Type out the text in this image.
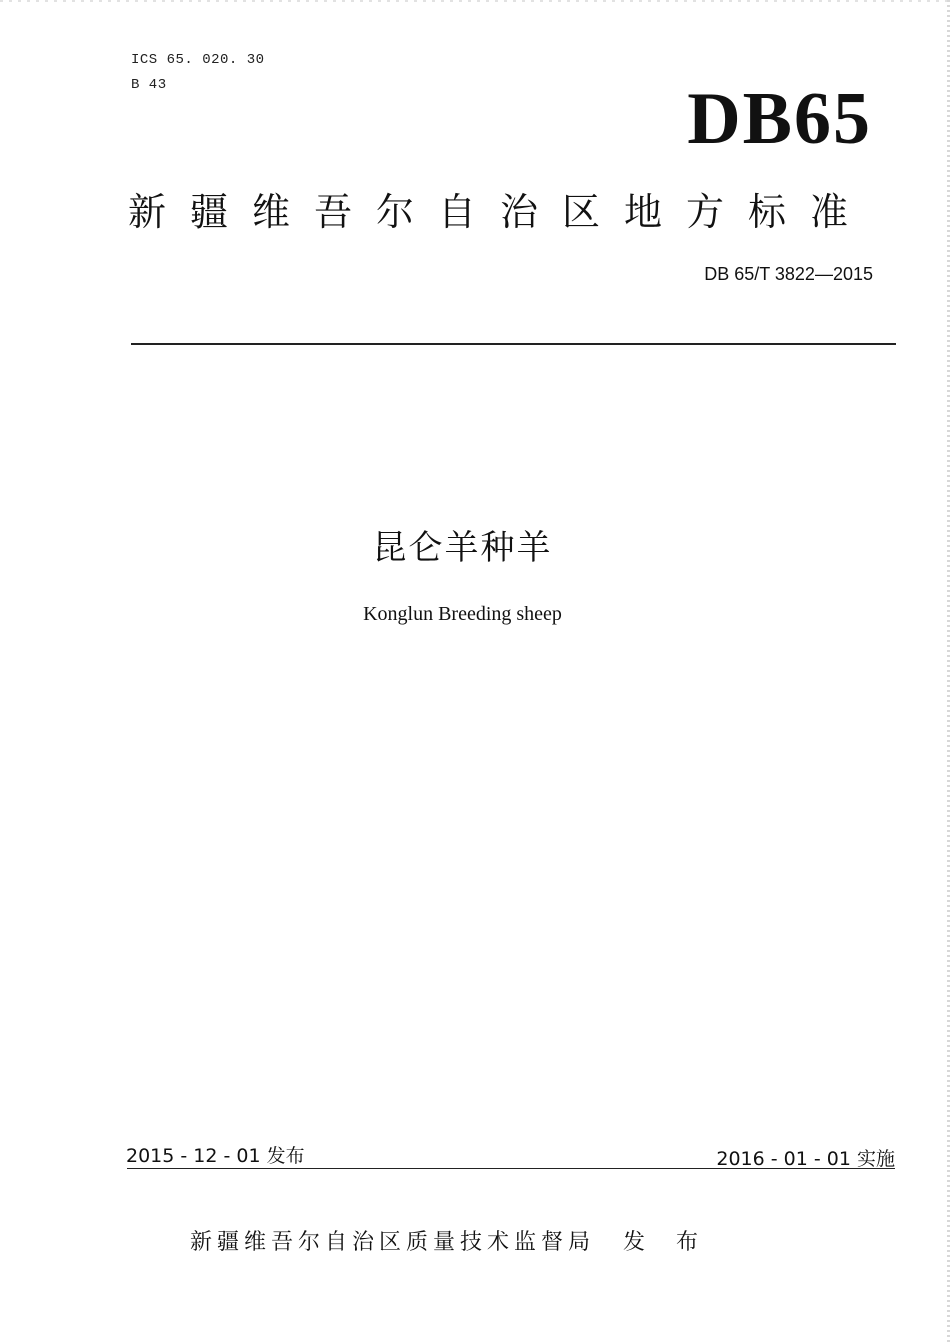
ICS 65. 020. 30
B 43	DB65
新疆维吾尔自治区地方标准
DB 65/T 3822—2015
昆仑羊种羊
Konglun Breeding sheep
2015 - 12 - 01 发布	2016 - 01 - 01 实施
新疆维吾尔自治区质量技术监督局 发 布
